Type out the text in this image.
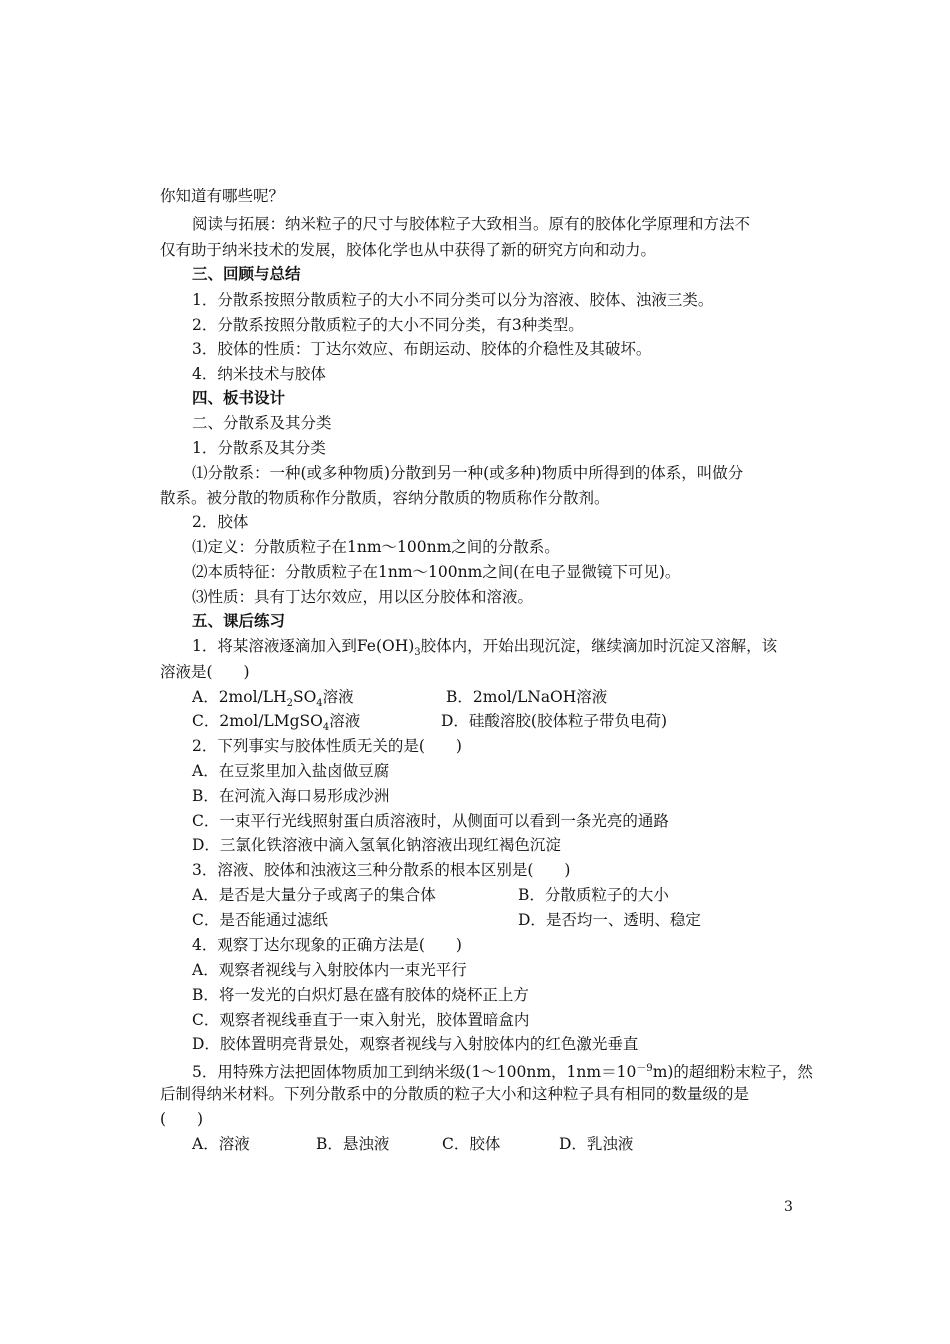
你知道有哪些呢？
阅读与拓展：纳米粒子的尺寸与胶体粒子大致相当。原有的胶体化学原理和方法不
仅有助于纳米技术的发展，胶体化学也从中获得了新的研究方向和动力。
三、回顾与总结
1．分散系按照分散质粒子的大小不同分类可以分为溶液、胶体、浊液三类。
2．分散系按照分散质粒子的大小不同分类，有3种类型。
3．胶体的性质：丁达尔效应、布朗运动、胶体的介稳性及其破坏。
4．纳米技术与胶体
四、板书设计
二、分散系及其分类
1．分散系及其分类
⑴分散系：一种(或多种物质)分散到另一种(或多种)物质中所得到的体系，叫做分
散系。被分散的物质称作分散质，容纳分散质的物质称作分散剂。
2．胶体
⑴定义：分散质粒子在1nm～100nm之间的分散系。
⑵本质特征：分散质粒子在1nm～100nm之间(在电子显微镜下可见)。
⑶性质：具有丁达尔效应，用以区分胶体和溶液。
五、课后练习
1．将某溶液逐滴加入到$Fe(OH)_3$胶体内，开始出现沉淀，继续滴加时沉淀又溶解，该
溶液是(　　)
A．$2mol/LH_2SO_4$溶液	B．2mol/LNaOH溶液
C．2mol/LMgSO$_4$溶液	D．硅酸溶胶(胶体粒子带负电荷)
2．下列事实与胶体性质无关的是(　　)
A．在豆浆里加入盐卤做豆腐
B．在河流入海口易形成沙洲
C．一束平行光线照射蛋白质溶液时，从侧面可以看到一条光亮的通路
D．三氯化铁溶液中滴入氢氧化钠溶液出现红褐色沉淀
3．溶液、胶体和浊液这三种分散系的根本区别是(　　)
A．是否是大量分子或离子的集合体	B．分散质粒子的大小
C．是否能通过滤纸	D．是否均一、透明、稳定
4．观察丁达尔现象的正确方法是(　　)
A．观察者视线与入射胶体内一束光平行
B．将一发光的白炽灯悬在盛有胶体的烧杯正上方
C．观察者视线垂直于一束入射光，胶体置暗盒内
D．胶体置明亮背景处，观察者视线与入射胶体内的红色激光垂直
5．用特殊方法把固体物质加工到纳米级(1～100nm，$1nm=10^{-9}m$)的超细粉末粒子，然
后制得纳米材料。下列分散系中的分散质的粒子大小和这种粒子具有相同的数量级的是
(　　)
A．溶液	B．悬浊液	C．胶体	D．乳浊液
3
